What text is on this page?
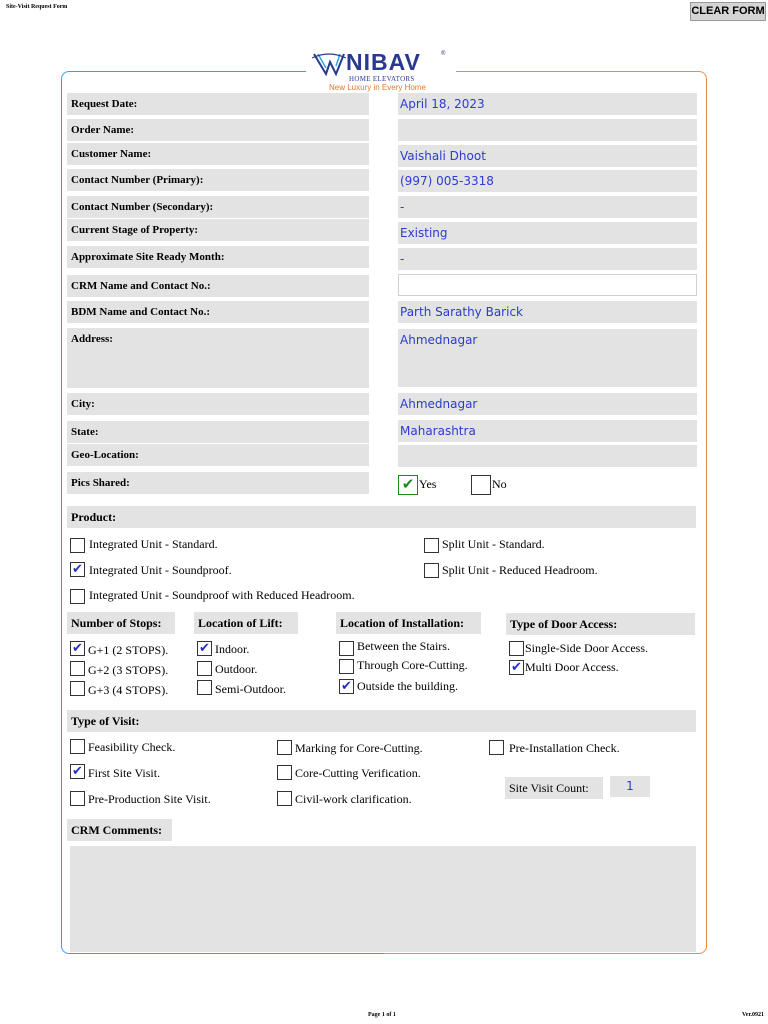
Site-Visit Request Form	CLEAR FORM
NIBAV	®
HOME ELEVATORS
New Luxury in Every Home
Request Date:	April 18, 2023
Order Name:
Customer Name:	Vaishali Dhoot
Contact Number (Primary):	(997) 005-3318
Contact Number (Secondary):	-
Current Stage of Property:	Existing
Approximate Site Ready Month:	-
CRM Name and Contact No.:
BDM Name and Contact No.:	Parth Sarathy Barick
Address:	Ahmednagar
City:	Ahmednagar
State:	Maharashtra
Geo-Location:
Pics Shared:	✔ Yes	No
Product:
Integrated Unit - Standard.	Split Unit - Standard.
✔ Integrated Unit - Soundproof.	Split Unit - Reduced Headroom.
Integrated Unit - Soundproof with Reduced Headroom.
Number of Stops:	Location of Lift:	Location of Installation:	Type of Door Access:
✔ G+1 (2 STOPS).
G+2 (3 STOPS).
G+3 (4 STOPS).
✔ Indoor.
Outdoor.
Semi-Outdoor.
Between the Stairs.
Through Core-Cutting.
✔ Outside the building.
Single-Side Door Access.
✔ Multi Door Access.
Type of Visit:
Feasibility Check.
✔ First Site Visit.
Pre-Production Site Visit.
Marking for Core-Cutting.
Core-Cutting Verification.
Civil-work clarification.
Pre-Installation Check.
Site Visit Count:	1
CRM Comments:
Page 1 of 1	Ver.0921
